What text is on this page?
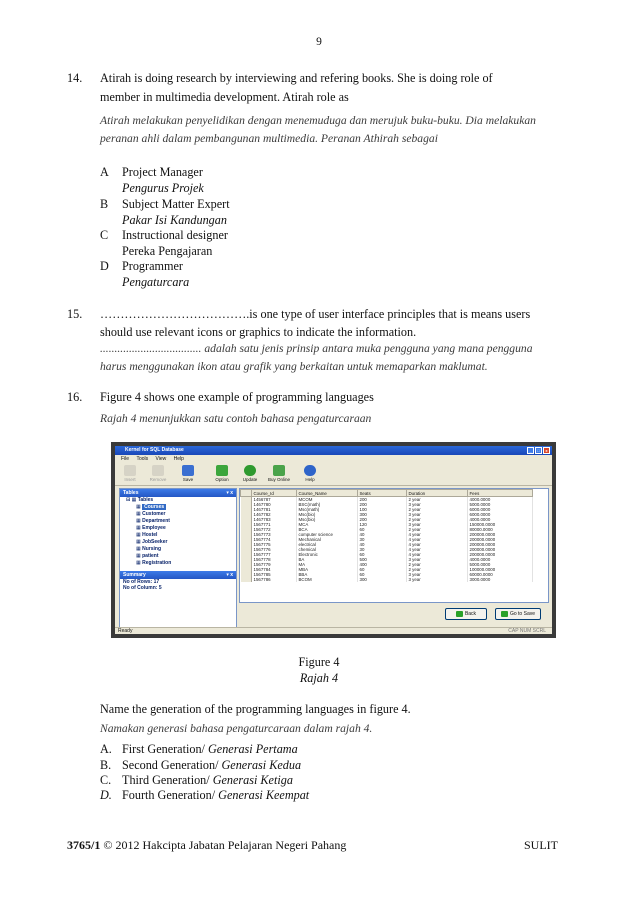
9
14. Atirah is doing research by interviewing and refering books. She is doing role of
member in multimedia development. Atirah role as
Atirah melakukan penyelidikan dengan menemuduga dan merujuk buku-buku. Dia melakukan
peranan ahli dalam pembangunan multimedia. Peranan Athirah sebagai
A Project Manager
Pengurus Projek
B Subject Matter Expert
Pakar Isi Kandungan
C Instructional designer
Pereka Pengajaran
D Programmer
Pengaturcara
15. ……………………………….is one type of user interface principles that is means users
should use relevant icons or graphics to indicate the information.
................................... adalah satu jenis prinsip antara muka pengguna yang mana pengguna
harus menggunakan ikon atau grafik yang berkaitan untuk memaparkan maklumat.
16. Figure 4 shows one example of programming languages
Rajah 4 menunjukkan satu contoh bahasa pengaturcaraan
Kernel for SQL Database	_ □ x
File Tools View Help
Insert	Remove	Save	Option	Update	Buy Online	Help
Tables	▾ x
⊟ ▦ Tables
▦ Courses
▦ Customer
▦ Department
▦ Employee
▦ Hostel
▦ JobSeeker
▦ Nursing
▦ patient
▦ Registration
Summary	▾ x
No of Rows: 17
No of Column: 5
	Course_Id	Course_Name	Seats	Duration	Fees
	1456787	MCOM	200	2 year	4000.0000
	1467780	BSC(math)	200	3 year	5000.0000
	1467781	Msc(math)	100	2 year	6000.0000
	1467782	Msc(bio)	300	3 year	6000.0000
	1467783	Msc(bio)	200	2 year	4000.0000
	1567771	MCA	120	3 year	150000.0000
	1567772	BCA	60	2 year	80000.0000
	1567773	computer science	40	4 year	200000.0000
	1567774	Mechanical	30	4 year	200000.0000
	1567775	electrical	40	4 year	200000.0000
	1567776	chemical	30	4 year	200000.0000
	1567777	Electronic	60	4 year	200000.0000
	1567778	BA	500	3 year	4000.0000
	1567779	MA	400	2 year	5000.0000
	1567784	MBA	60	2 year	100000.0000
	1567785	BBA	60	3 year	60000.0000
	1567786	BCOM	300	3 year	3000.0000
Back	Go to Save
Ready	CAP NUM SCRL
Figure 4
Rajah 4
Name the generation of the programming languages in figure 4.
Namakan generasi bahasa pengaturcaraan dalam rajah 4.
A. First Generation/ Generasi Pertama
B. Second Generation/ Generasi Kedua
C. Third Generation/ Generasi Ketiga
D. Fourth Generation/ Generasi Keempat
3765/1 © 2012 Hakcipta Jabatan Pelajaran Negeri Pahang	SULIT
